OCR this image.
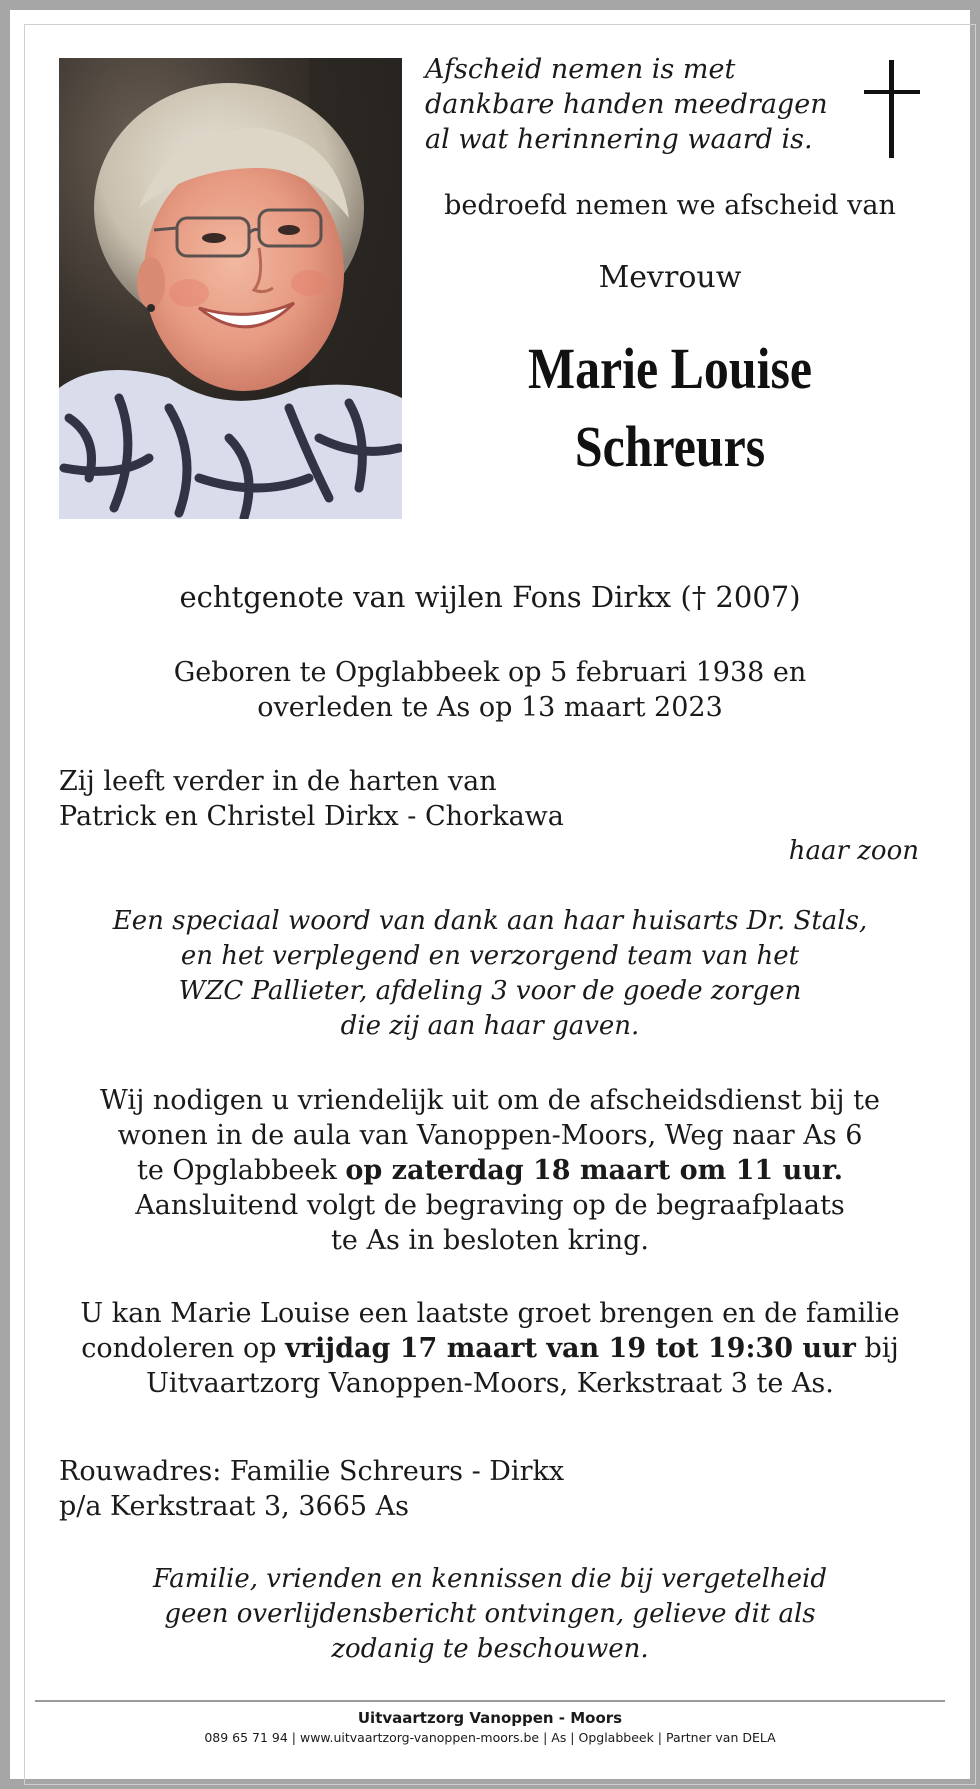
Afscheid nemen is met
dankbare handen meedragen
al wat herinnering waard is.
bedroefd nemen we afscheid van
Mevrouw
Marie Louise
Schreurs
echtgenote van wijlen Fons Dirkx († 2007)
Geboren te Opglabbeek op 5 februari 1938 en
overleden te As op 13 maart 2023
Zij leeft verder in de harten van
Patrick en Christel Dirkx - Chorkawa
haar zoon
Een speciaal woord van dank aan haar huisarts Dr. Stals,
en het verplegend en verzorgend team van het
WZC Pallieter, afdeling 3 voor de goede zorgen
die zij aan haar gaven.
Wij nodigen u vriendelijk uit om de afscheidsdienst bij te
wonen in de aula van Vanoppen-Moors, Weg naar As 6
te Opglabbeek op zaterdag 18 maart om 11 uur.
Aansluitend volgt de begraving op de begraafplaats
te As in besloten kring.
U kan Marie Louise een laatste groet brengen en de familie
condoleren op vrijdag 17 maart van 19 tot 19:30 uur bij
Uitvaartzorg Vanoppen-Moors, Kerkstraat 3 te As.
Rouwadres: Familie Schreurs - Dirkx
p/a Kerkstraat 3, 3665 As
Familie, vrienden en kennissen die bij vergetelheid
geen overlijdensbericht ontvingen, gelieve dit als
zodanig te beschouwen.
Uitvaartzorg Vanoppen - Moors
089 65 71 94 | www.uitvaartzorg-vanoppen-moors.be | As | Opglabbeek | Partner van DELA
